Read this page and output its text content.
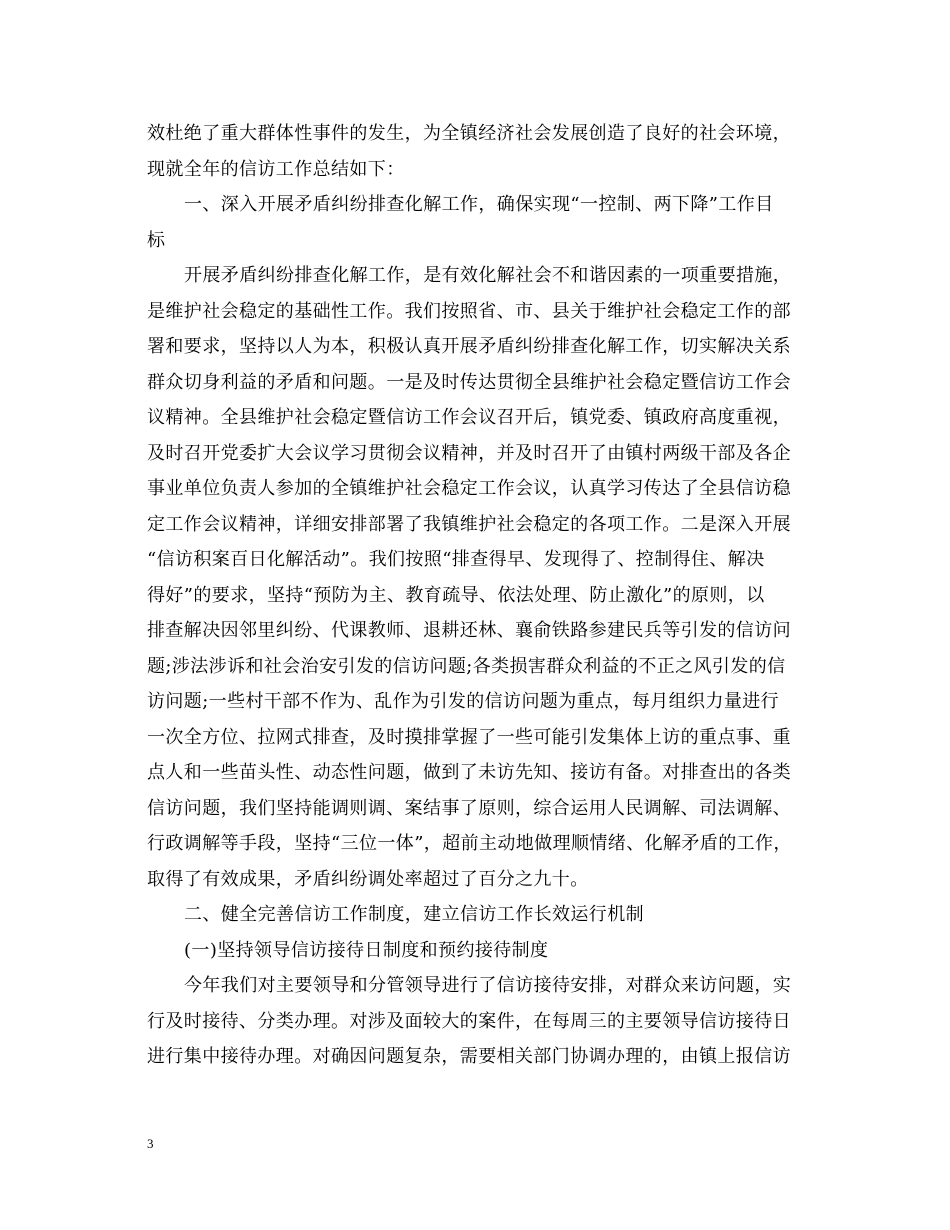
效杜绝了重大群体性事件的发生，为全镇经济社会发展创造了良好的社会环境，
现就全年的信访工作总结如下：
一、深入开展矛盾纠纷排查化解工作，确保实现“一控制、两下降”工作目
标
开展矛盾纠纷排查化解工作，是有效化解社会不和谐因素的一项重要措施，
是维护社会稳定的基础性工作。我们按照省、市、县关于维护社会稳定工作的部
署和要求，坚持以人为本，积极认真开展矛盾纠纷排查化解工作，切实解决关系
群众切身利益的矛盾和问题。一是及时传达贯彻全县维护社会稳定暨信访工作会
议精神。全县维护社会稳定暨信访工作会议召开后，镇党委、镇政府高度重视，
及时召开党委扩大会议学习贯彻会议精神，并及时召开了由镇村两级干部及各企
事业单位负责人参加的全镇维护社会稳定工作会议，认真学习传达了全县信访稳
定工作会议精神，详细安排部署了我镇维护社会稳定的各项工作。二是深入开展
“信访积案百日化解活动”。我们按照“排查得早、发现得了、控制得住、解决
得好”的要求，坚持“预防为主、教育疏导、依法处理、防止激化”的原则，以
排查解决因邻里纠纷、代课教师、退耕还林、襄俞铁路参建民兵等引发的信访问
题;涉法涉诉和社会治安引发的信访问题;各类损害群众利益的不正之风引发的信
访问题;一些村干部不作为、乱作为引发的信访问题为重点，每月组织力量进行
一次全方位、拉网式排查，及时摸排掌握了一些可能引发集体上访的重点事、重
点人和一些苗头性、动态性问题，做到了未访先知、接访有备。对排查出的各类
信访问题，我们坚持能调则调、案结事了原则，综合运用人民调解、司法调解、
行政调解等手段，坚持“三位一体”，超前主动地做理顺情绪、化解矛盾的工作，
取得了有效成果，矛盾纠纷调处率超过了百分之九十。
二、健全完善信访工作制度，建立信访工作长效运行机制
(一)坚持领导信访接待日制度和预约接待制度
今年我们对主要领导和分管领导进行了信访接待安排，对群众来访问题，实
行及时接待、分类办理。对涉及面较大的案件，在每周三的主要领导信访接待日
进行集中接待办理。对确因问题复杂，需要相关部门协调办理的，由镇上报信访
3
